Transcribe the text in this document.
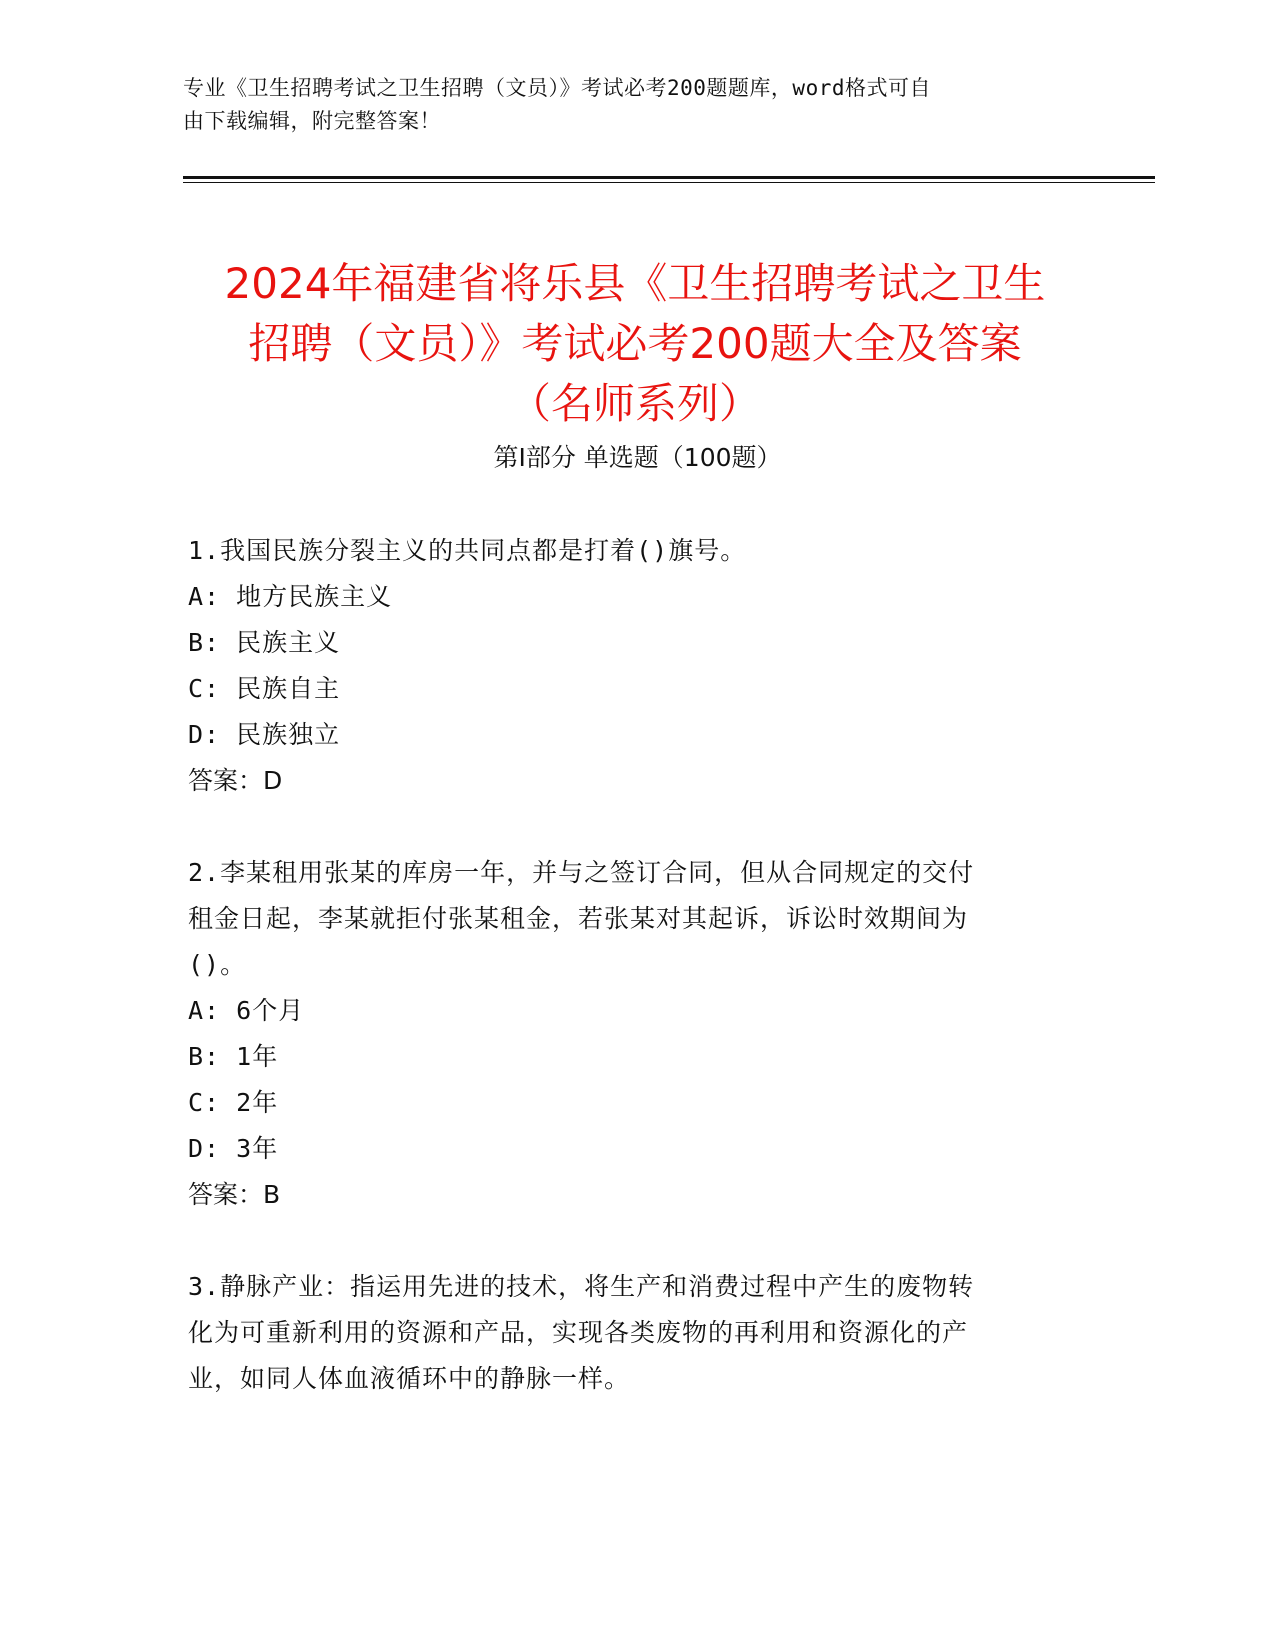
专业《卫生招聘考试之卫生招聘（文员）》考试必考200题题库，word格式可自
由下载编辑，附完整答案！
2024年福建省将乐县《卫生招聘考试之卫生
招聘（文员）》考试必考200题大全及答案
（名师系列）
第Ⅰ部分 单选题（100题）
1.我国民族分裂主义的共同点都是打着()旗号。
A: 地方民族主义
B: 民族主义
C: 民族自主
D: 民族独立
答案：D
2.李某租用张某的库房一年，并与之签订合同，但从合同规定的交付
租金日起，李某就拒付张某租金，若张某对其起诉，诉讼时效期间为
()。
A: 6个月
B: 1年
C: 2年
D: 3年
答案：B
3.静脉产业：指运用先进的技术，将生产和消费过程中产生的废物转
化为可重新利用的资源和产品，实现各类废物的再利用和资源化的产
业，如同人体血液循环中的静脉一样。
